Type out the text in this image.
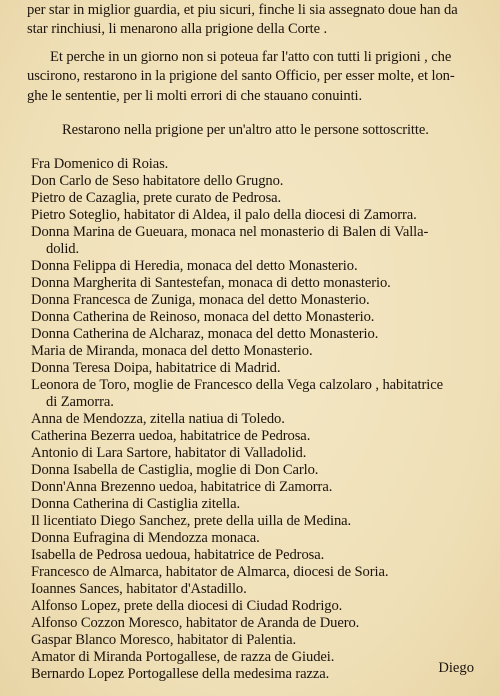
per star in miglior guardia, et piu sicuri, finche li sia assegnato doue han da
star rinchiusi, li menarono alla prigione della Corte .
Et perche in un giorno non si poteua far l'atto con tutti li prigioni , che
uscirono, restarono in la prigione del santo Officio, per esser molte, et lon-
ghe le sententie, per li molti errori di che stauano conuinti.
Restarono nella prigione per un'altro atto le persone sottoscritte.
Fra Domenico di Roias.
Don Carlo de Seso habitatore dello Grugno.
Pietro de Cazaglia, prete curato de Pedrosa.
Pietro Soteglio, habitator di Aldea, il palo della diocesi di Zamorra.
Donna Marina de Gueuara, monaca nel monasterio di Balen di Valla-
dolid.
Donna Felippa di Heredia, monaca del detto Monasterio.
Donna Margherita di Santestefan, monaca di detto monasterio.
Donna Francesca de Zuniga, monaca del detto Monasterio.
Donna Catherina de Reinoso, monaca del detto Monasterio.
Donna Catherina de Alcharaz, monaca del detto Monasterio.
Maria de Miranda, monaca del detto Monasterio.
Donna Teresa Doipa, habitatrice di Madrid.
Leonora de Toro, moglie de Francesco della Vega calzolaro , habitatrice
di Zamorra.
Anna de Mendozza, zitella natiua di Toledo.
Catherina Bezerra uedoa, habitatrice de Pedrosa.
Antonio di Lara Sartore, habitator di Valladolid.
Donna Isabella de Castiglia, moglie di Don Carlo.
Donn'Anna Brezenno uedoa, habitatrice di Zamorra.
Donna Catherina di Castiglia zitella.
Il licentiato Diego Sanchez, prete della uilla de Medina.
Donna Eufragina di Mendozza monaca.
Isabella de Pedrosa uedoua, habitatrice de Pedrosa.
Francesco de Almarca, habitator de Almarca, diocesi de Soria.
Ioannes Sances, habitator d'Astadillo.
Alfonso Lopez, prete della diocesi di Ciudad Rodrigo.
Alfonso Cozzon Moresco, habitator de Aranda de Duero.
Gaspar Blanco Moresco, habitator di Palentia.
Amator di Miranda Portogallese, de razza de Giudei.
Bernardo Lopez Portogallese della medesima razza.	Diego
